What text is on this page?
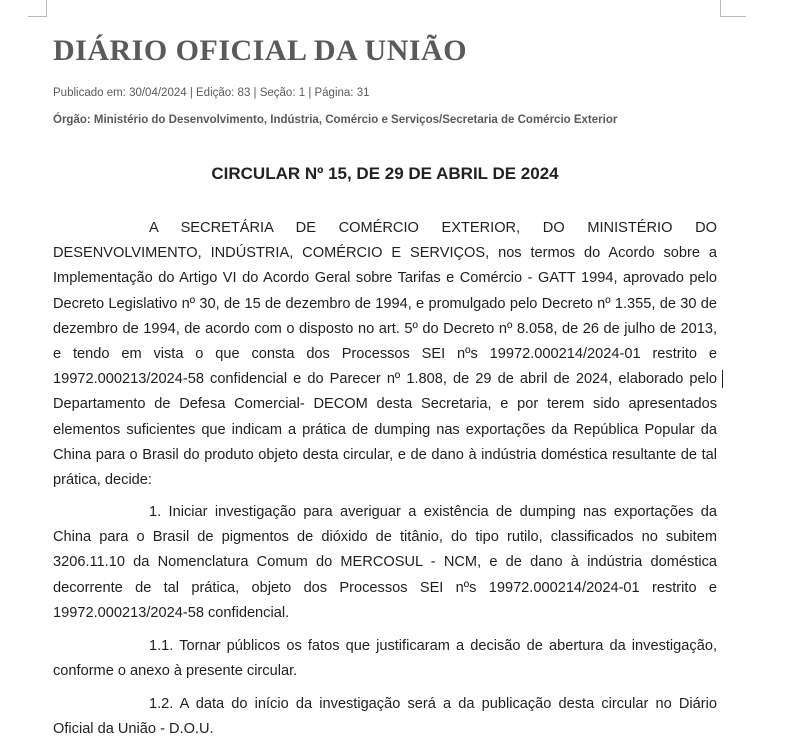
DIÁRIO OFICIAL DA UNIÃO
Publicado em: 30/04/2024 | Edição: 83 | Seção: 1 | Página: 31
Órgão: Ministério do Desenvolvimento, Indústria, Comércio e Serviços/Secretaria de Comércio Exterior
CIRCULAR Nº 15, DE 29 DE ABRIL DE 2024
A SECRETÁRIA DE COMÉRCIO EXTERIOR, DO MINISTÉRIO DO DESENVOLVIMENTO, INDÚSTRIA, COMÉRCIO E SERVIÇOS, nos termos do Acordo sobre a Implementação do Artigo VI do Acordo Geral sobre Tarifas e Comércio - GATT 1994, aprovado pelo Decreto Legislativo nº 30, de 15 de dezembro de 1994, e promulgado pelo Decreto nº 1.355, de 30 de dezembro de 1994, de acordo com o disposto no art. 5º do Decreto nº 8.058, de 26 de julho de 2013, e tendo em vista o que consta dos Processos SEI nºs 19972.000214/2024-01 restrito e 19972.000213/2024-58 confidencial e do Parecer nº 1.808, de 29 de abril de 2024, elaborado pelo Departamento de Defesa Comercial- DECOM desta Secretaria, e por terem sido apresentados elementos suficientes que indicam a prática de dumping nas exportações da República Popular da China para o Brasil do produto objeto desta circular, e de dano à indústria doméstica resultante de tal prática, decide:
1. Iniciar investigação para averiguar a existência de dumping nas exportações da China para o Brasil de pigmentos de dióxido de titânio, do tipo rutilo, classificados no subitem 3206.11.10 da Nomenclatura Comum do MERCOSUL - NCM, e de dano à indústria doméstica decorrente de tal prática, objeto dos Processos SEI nºs 19972.000214/2024-01 restrito e 19972.000213/2024-58 confidencial.
1.1. Tornar públicos os fatos que justificaram a decisão de abertura da investigação, conforme o anexo à presente circular.
1.2. A data do início da investigação será a da publicação desta circular no Diário Oficial da União - D.O.U.
